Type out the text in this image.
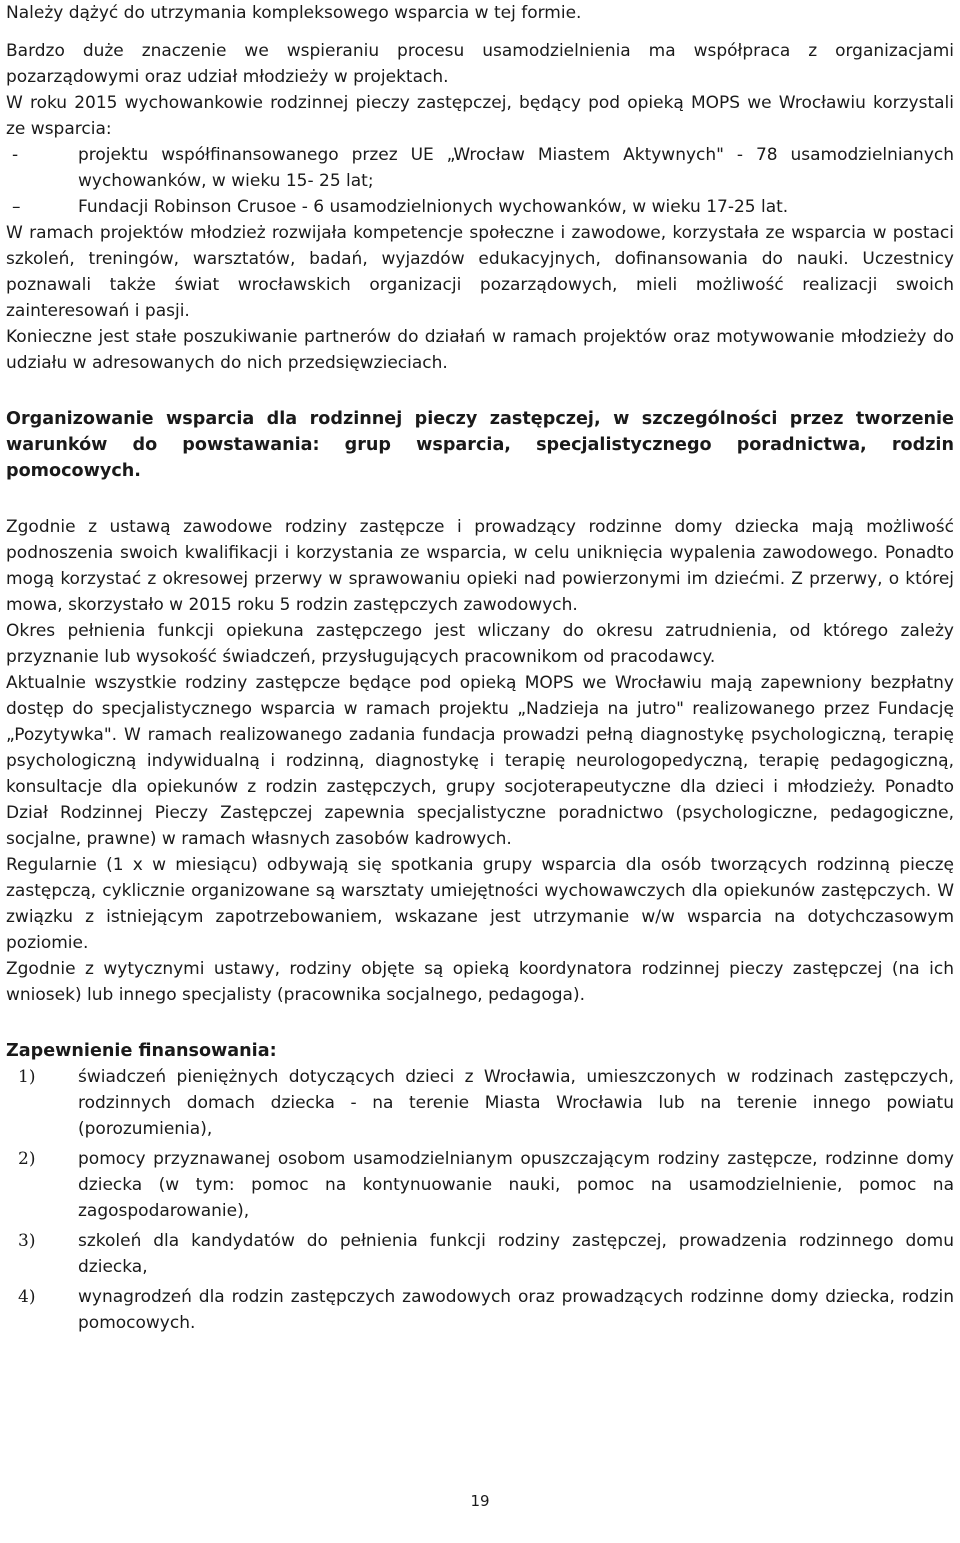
Należy dążyć do utrzymania kompleksowego wsparcia w tej formie.

Bardzo duże znaczenie we wspieraniu procesu usamodzielnienia ma współpraca z organizacjami pozarządowymi oraz udział młodzieży w projektach.

W roku 2015 wychowankowie rodzinnej pieczy zastępczej, będący pod opieką MOPS we Wrocławiu korzystali ze wsparcia:

-	projektu współfinansowanego przez UE „Wrocław Miastem Aktywnych" - 78 usamodzielnianych wychowanków, w wieku 15- 25 lat;
–	Fundacji Robinson Crusoe - 6 usamodzielnionych wychowanków, w wieku 17-25 lat.

W ramach projektów młodzież rozwijała kompetencje społeczne i zawodowe, korzystała ze wsparcia w postaci szkoleń, treningów, warsztatów, badań, wyjazdów edukacyjnych, dofinansowania do nauki. Uczestnicy poznawali także świat wrocławskich organizacji pozarządowych, mieli możliwość realizacji swoich zainteresowań i pasji.

Konieczne jest stałe poszukiwanie partnerów do działań w ramach projektów oraz motywowanie młodzieży do udziału w adresowanych do nich przedsięwzieciach.

Organizowanie wsparcia dla rodzinnej pieczy zastępczej, w szczególności przez tworzenie warunków do powstawania: grup wsparcia, specjalistycznego poradnictwa, rodzin pomocowych.

Zgodnie z ustawą zawodowe rodziny zastępcze i prowadzący rodzinne domy dziecka mają możliwość podnoszenia swoich kwalifikacji i korzystania ze wsparcia, w celu uniknięcia wypalenia zawodowego. Ponadto mogą korzystać z okresowej przerwy w sprawowaniu opieki nad powierzonymi im dziećmi. Z przerwy, o której mowa, skorzystało w 2015 roku 5 rodzin zastępczych zawodowych.

Okres pełnienia funkcji opiekuna zastępczego jest wliczany do okresu zatrudnienia, od którego zależy przyznanie lub wysokość świadczeń, przysługujących pracownikom od pracodawcy.

Aktualnie wszystkie rodziny zastępcze będące pod opieką MOPS we Wrocławiu mają zapewniony bezpłatny dostęp do specjalistycznego wsparcia w ramach projektu „Nadzieja na jutro" realizowanego przez Fundację „Pozytywka". W ramach realizowanego zadania fundacja prowadzi pełną diagnostykę psychologiczną, terapię psychologiczną indywidualną i rodzinną, diagnostykę i terapię neurologopedyczną, terapię pedagogiczną, konsultacje dla opiekunów z rodzin zastępczych, grupy socjoterapeutyczne dla dzieci i młodzieży. Ponadto Dział Rodzinnej Pieczy Zastępczej zapewnia specjalistyczne poradnictwo (psychologiczne, pedagogiczne, socjalne, prawne) w ramach własnych zasobów kadrowych.

Regularnie (1 x w miesiącu) odbywają się spotkania grupy wsparcia dla osób tworzących rodzinną pieczę zastępczą, cyklicznie organizowane są warsztaty umiejętności wychowawczych dla opiekunów zastępczych. W związku z istniejącym zapotrzebowaniem, wskazane jest utrzymanie w/w wsparcia na dotychczasowym poziomie.

Zgodnie z wytycznymi ustawy, rodziny objęte są opieką koordynatora rodzinnej pieczy zastępczej (na ich wniosek) lub innego specjalisty (pracownika socjalnego, pedagoga).

Zapewnienie finansowania:

1)	świadczeń pieniężnych dotyczących dzieci z Wrocławia, umieszczonych w rodzinach zastępczych, rodzinnych domach dziecka - na terenie Miasta Wrocławia lub na terenie innego powiatu (porozumienia),
2)	pomocy przyznawanej osobom usamodzielnianym opuszczającym rodziny zastępcze, rodzinne domy dziecka (w tym: pomoc na kontynuowanie nauki, pomoc na usamodzielnienie, pomoc na zagospodarowanie),
3)	szkoleń dla kandydatów do pełnienia funkcji rodziny zastępczej, prowadzenia rodzinnego domu dziecka,
4)	wynagrodzeń dla rodzin zastępczych zawodowych oraz prowadzących rodzinne domy dziecka, rodzin pomocowych.
19
